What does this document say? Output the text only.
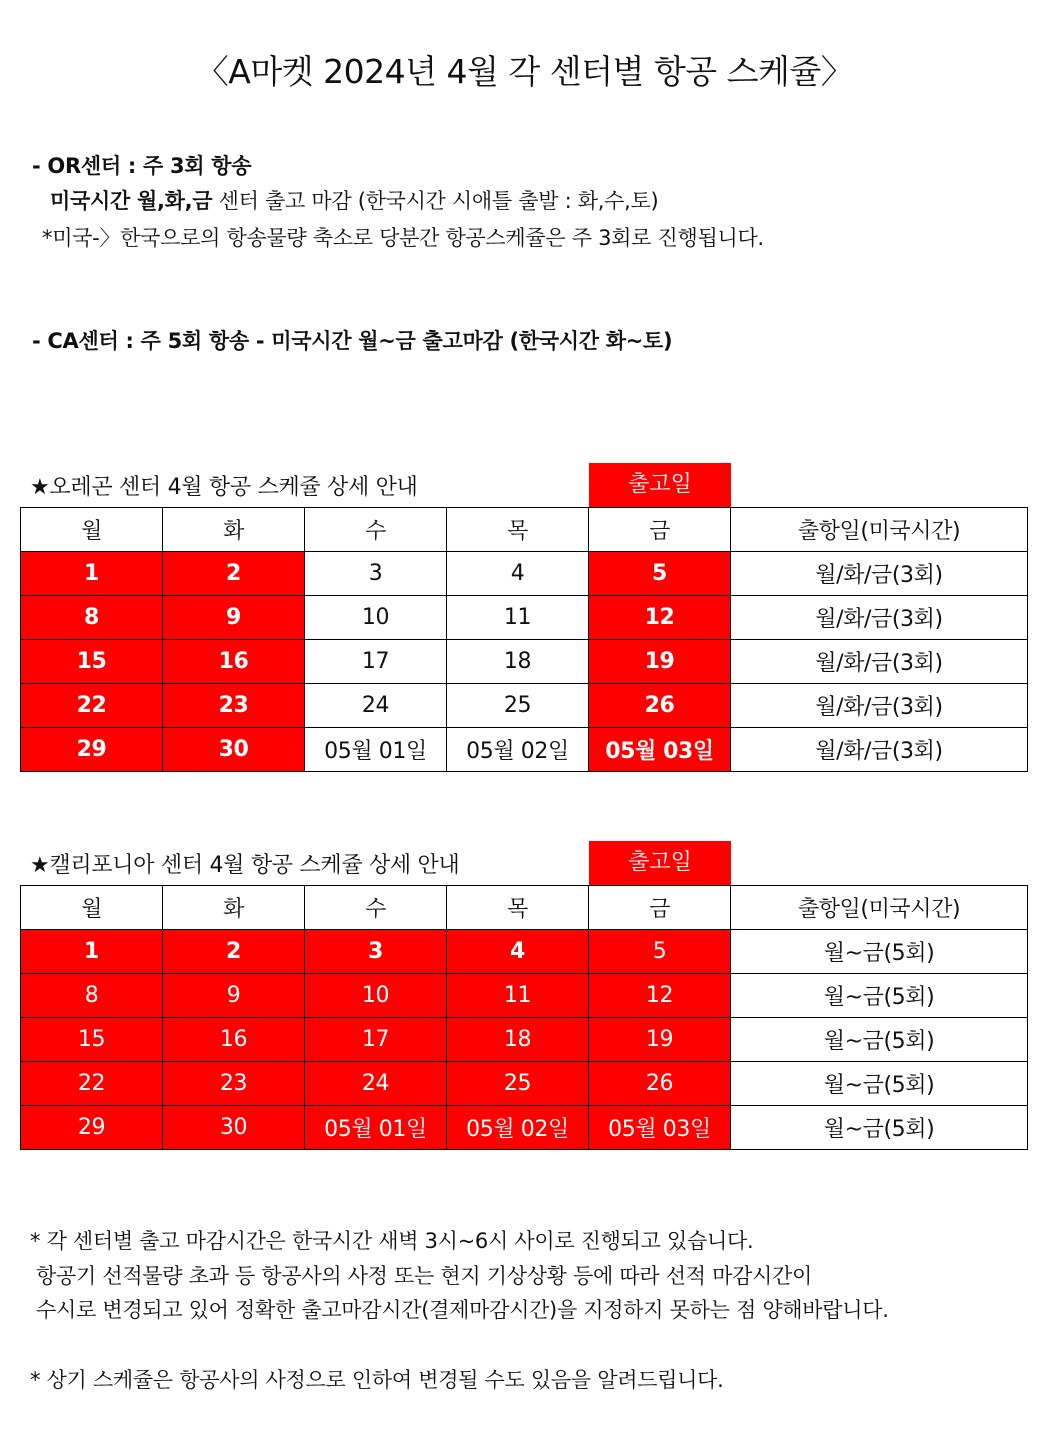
〈A마켓 2024년 4월 각 센터별 항공 스케쥴〉
- OR센터 : 주 3회 항송
미국시간 월,화,금 센터 출고 마감 (한국시간 시애틀 출발 : 화,수,토)
*미국-〉한국으로의 항송물량 축소로 당분간 항공스케쥴은 주 3회로 진행됩니다.
- CA센터 : 주 5회 항송 - 미국시간 월~금 출고마감 (한국시간 화~토)
★오레곤 센터 4월 항공 스케쥴 상세 안내	출고일
월	화	수	목	금	출항일(미국시간)
1	2	3	4	5	월/화/금(3회)
8	9	10	11	12	월/화/금(3회)
15	16	17	18	19	월/화/금(3회)
22	23	24	25	26	월/화/금(3회)
29	30	05월 01일	05월 02일	05월 03일	월/화/금(3회)
★캘리포니아 센터 4월 항공 스케쥴 상세 안내	출고일
월	화	수	목	금	출항일(미국시간)
1	2	3	4	5	월~금(5회)
8	9	10	11	12	월~금(5회)
15	16	17	18	19	월~금(5회)
22	23	24	25	26	월~금(5회)
29	30	05월 01일	05월 02일	05월 03일	월~금(5회)
* 각 센터별 출고 마감시간은 한국시간 새벽 3시~6시 사이로 진행되고 있습니다.
항공기 선적물량 초과 등 항공사의 사정 또는 현지 기상상황 등에 따라 선적 마감시간이
수시로 변경되고 있어 정확한 출고마감시간(결제마감시간)을 지정하지 못하는 점 양해바랍니다.
* 상기 스케쥴은 항공사의 사정으로 인하여 변경될 수도 있음을 알려드립니다.
